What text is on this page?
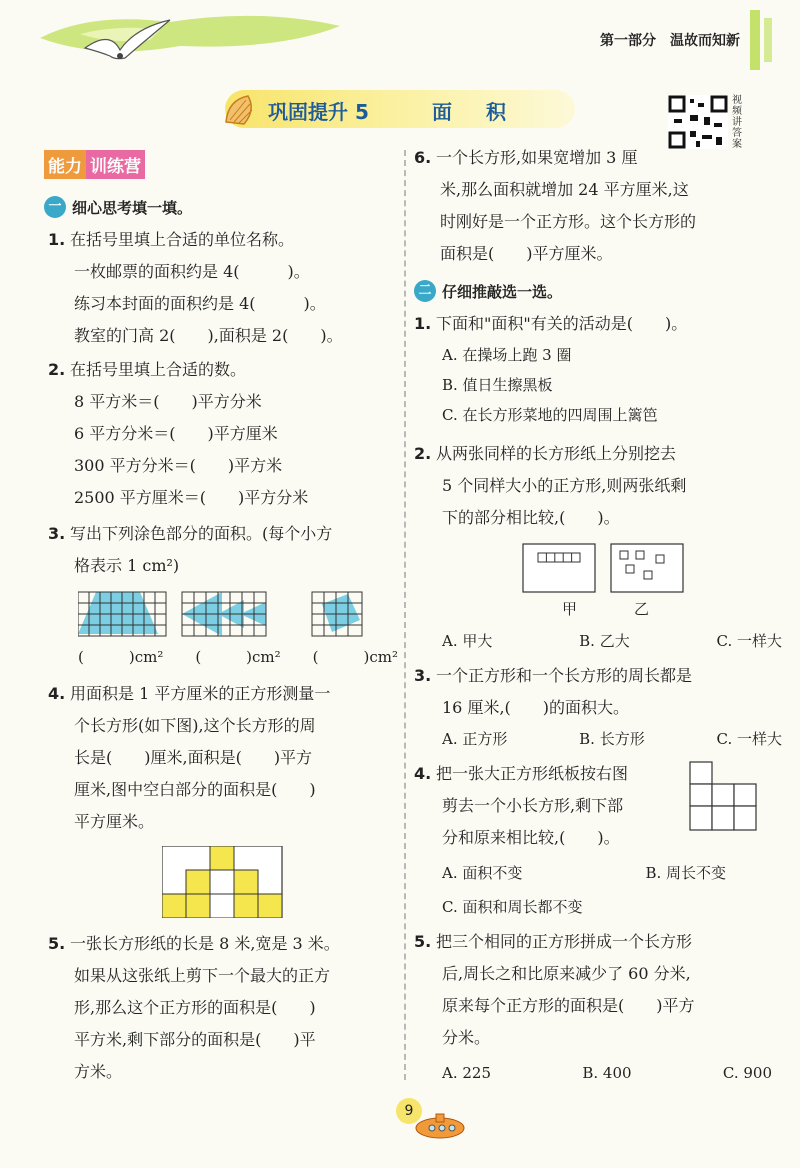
第一部分　温故而知新
巩固提升 5	面积	视频讲答案
能力 训练营
一 细心思考填一填。
1. 在括号里填上合适的单位名称。
一枚邮票的面积约是 4(　　　)。
练习本封面的面积约是 4(　　　)。
教室的门高 2(　　),面积是 2(　　)。
2. 在括号里填上合适的数。
8 平方米＝(　　)平方分米
6 平方分米＝(　　)平方厘米
300 平方分米＝(　　)平方米
2500 平方厘米＝(　　)平方分米
3. 写出下列涂色部分的面积。(每个小方
格表示 1 cm²)
(　　　)cm² (　　　)cm² (　　　)cm²
4. 用面积是 1 平方厘米的正方形测量一
个长方形(如下图),这个长方形的周
长是(　　)厘米,面积是(　　)平方
厘米,图中空白部分的面积是(　　)
平方厘米。
5. 一张长方形纸的长是 8 米,宽是 3 米。
如果从这张纸上剪下一个最大的正方
形,那么这个正方形的面积是(　　)
平方米,剩下部分的面积是(　　)平
方米。
6. 一个长方形,如果宽增加 3 厘
米,那么面积就增加 24 平方厘米,这
时刚好是一个正方形。这个长方形的
面积是(　　)平方厘米。
二 仔细推敲选一选。
1. 下面和"面积"有关的活动是(　　)。
A. 在操场上跑 3 圈
B. 值日生擦黑板
C. 在长方形菜地的四周围上篱笆
2. 从两张同样的长方形纸上分别挖去
5 个同样大小的正方形,则两张纸剩
下的部分相比较,(　　)。
甲	乙
A. 甲大	B. 乙大	C. 一样大
3. 一个正方形和一个长方形的周长都是
16 厘米,(　　)的面积大。
A. 正方形	B. 长方形	C. 一样大
4. 把一张大正方形纸板按右图
剪去一个小长方形,剩下部
分和原来相比较,(　　)。
A. 面积不变	B. 周长不变
C. 面积和周长都不变
5. 把三个相同的正方形拼成一个长方形
后,周长之和比原来减少了 60 分米,
原来每个正方形的面积是(　　)平方
分米。
A. 225	B. 400	C. 900
9
